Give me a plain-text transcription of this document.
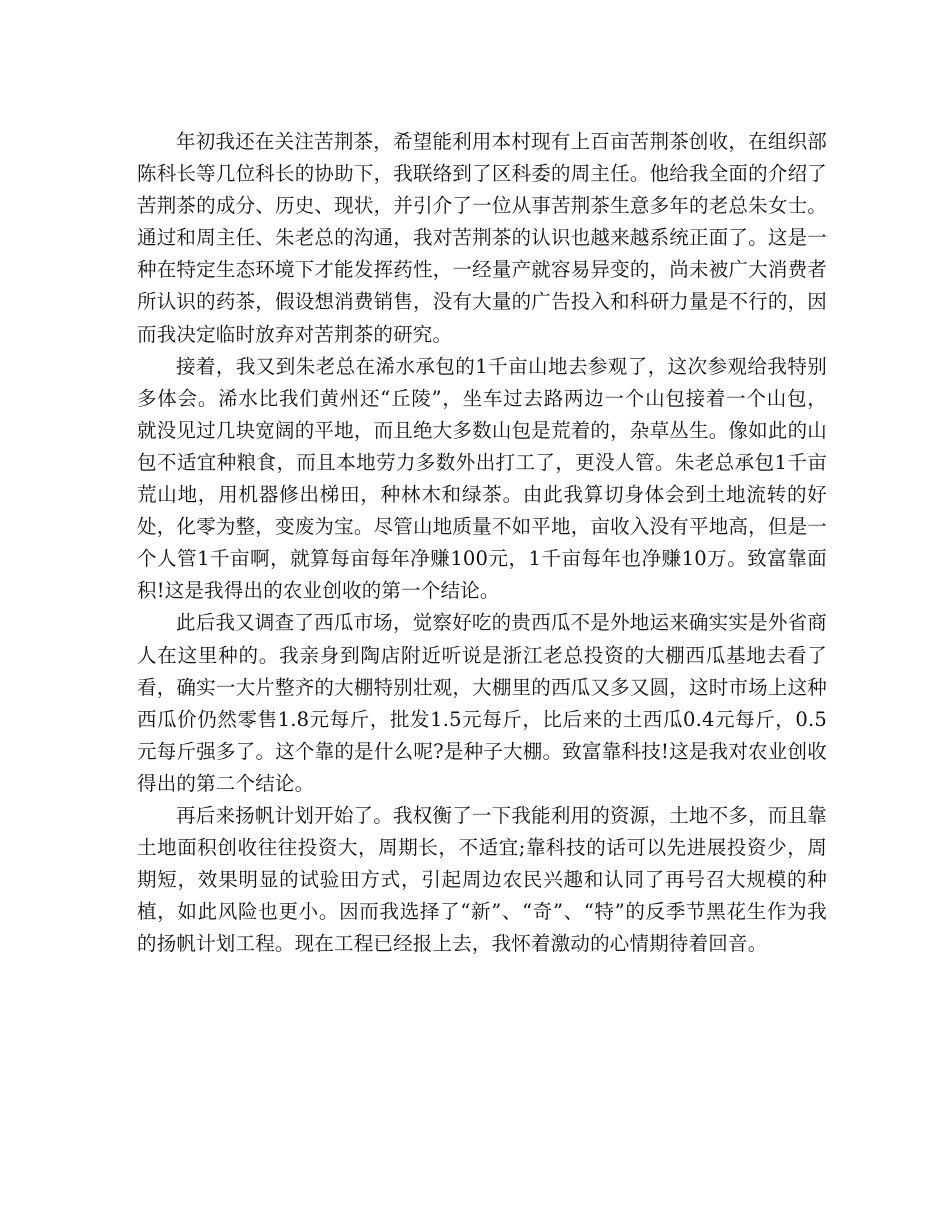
年初我还在关注苦荆茶，希望能利用本村现有上百亩苦荆茶创收，在组织部陈科长等几位科长的协助下，我联络到了区科委的周主任。他给我全面的介绍了苦荆茶的成分、历史、现状，并引介了一位从事苦荆茶生意多年的老总朱女士。通过和周主任、朱老总的沟通，我对苦荆茶的认识也越来越系统正面了。这是一种在特定生态环境下才能发挥药性，一经量产就容易异变的，尚未被广大消费者所认识的药茶，假设想消费销售，没有大量的广告投入和科研力量是不行的，因而我决定临时放弃对苦荆茶的研究。

接着，我又到朱老总在浠水承包的1千亩山地去参观了，这次参观给我特别多体会。浠水比我们黄州还“丘陵”，坐车过去路两边一个山包接着一个山包，就没见过几块宽阔的平地，而且绝大多数山包是荒着的，杂草丛生。像如此的山包不适宜种粮食，而且本地劳力多数外出打工了，更没人管。朱老总承包1千亩荒山地，用机器修出梯田，种林木和绿茶。由此我算切身体会到土地流转的好处，化零为整，变废为宝。尽管山地质量不如平地，亩收入没有平地高，但是一个人管1千亩啊，就算每亩每年净赚100元，1千亩每年也净赚10万。致富靠面积!这是我得出的农业创收的第一个结论。

此后我又调查了西瓜市场，觉察好吃的贵西瓜不是外地运来确实实是外省商人在这里种的。我亲身到陶店附近听说是浙江老总投资的大棚西瓜基地去看了看，确实一大片整齐的大棚特别壮观，大棚里的西瓜又多又圆，这时市场上这种西瓜价仍然零售1.8元每斤，批发1.5元每斤，比后来的土西瓜0.4元每斤，0.5元每斤强多了。这个靠的是什么呢?是种子大棚。致富靠科技!这是我对农业创收得出的第二个结论。

再后来扬帆计划开始了。我权衡了一下我能利用的资源，土地不多，而且靠土地面积创收往往投资大，周期长，不适宜;靠科技的话可以先进展投资少，周期短，效果明显的试验田方式，引起周边农民兴趣和认同了再号召大规模的种植，如此风险也更小。因而我选择了“新”、“奇”、“特”的反季节黑花生作为我的扬帆计划工程。现在工程已经报上去，我怀着激动的心情期待着回音。
